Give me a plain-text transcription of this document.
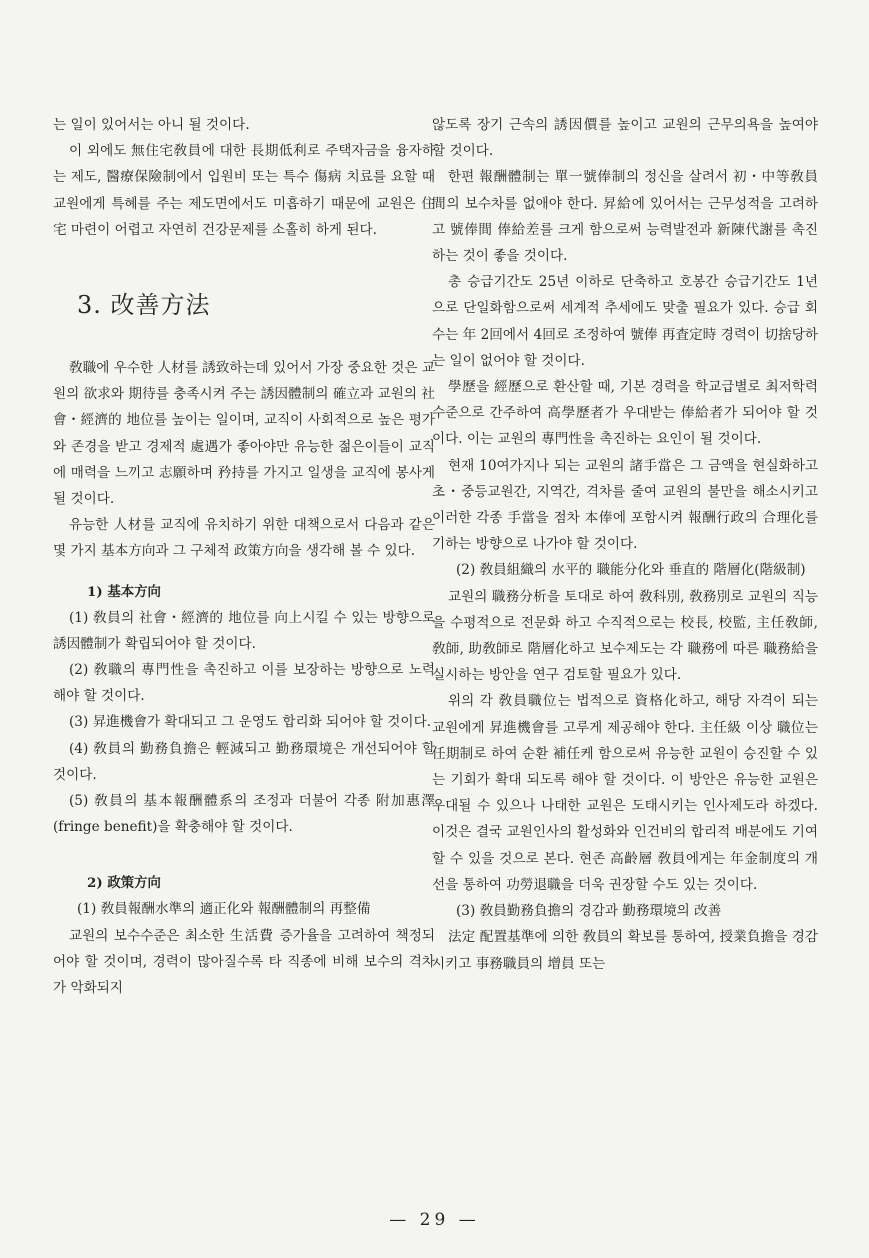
는 일이 있어서는 아니 될 것이다.

이 외에도 無住宅敎員에 대한 長期低利로 주택자금을 융자하는 제도, 醫療保險制에서 입원비 또는 특수 傷病 치료를 요할 때 교원에게 특혜를 주는 제도면에서도 미흡하기 때문에 교원은 住宅 마련이 어렵고 자연히 건강문제를 소홀히 하게 된다.

3. 改善方法

敎職에 우수한 人材를 誘致하는데 있어서 가장 중요한 것은 교원의 欲求와 期待를 충족시켜 주는 誘因體制의 確立과 교원의 社會・經濟的 地位를 높이는 일이며, 교직이 사회적으로 높은 평가와 존경을 받고 경제적 處遇가 좋아야만 유능한 젊은이들이 교직에 매력을 느끼고 志願하며 矜持를 가지고 일생을 교직에 봉사게 될 것이다.

유능한 人材를 교직에 유치하기 위한 대책으로서 다음과 같은 몇 가지 基本方向과 그 구체적 政策方向을 생각해 볼 수 있다.

1) 基本方向

(1) 敎員의 社會・經濟的 地位를 向上시킬 수 있는 방향으로 誘因體制가 확립되어야 할 것이다.

(2) 敎職의 專門性을 촉진하고 이를 보장하는 방향으로 노력해야 할 것이다.

(3) 昇進機會가 확대되고 그 운영도 합리화 되어야 할 것이다.

(4) 敎員의 勤務負擔은 輕減되고 勤務環境은 개선되어야 할 것이다.

(5) 敎員의 基本報酬體系의 조정과 더불어 각종 附加惠澤(fringe benefit)을 확충해야 할 것이다.

2) 政策方向

(1) 敎員報酬水準의 適正化와 報酬體制의 再整備

교원의 보수수준은 최소한 生活費 증가율을 고려하여 책정되어야 할 것이며, 경력이 많아질수록 타 직종에 비해 보수의 격차가 악화되지

않도록 장기 근속의 誘因價를 높이고 교원의 근무의욕을 높여야 할 것이다.

한편 報酬體制는 單一號俸制의 정신을 살려서 初・中等敎員間의 보수차를 없애야 한다. 昇給에 있어서는 근무성적을 고려하고 號俸間 俸給差를 크게 함으로써 능력발전과 新陳代謝를 촉진하는 것이 좋을 것이다.

총 승급기간도 25년 이하로 단축하고 호봉간 승급기간도 1년으로 단일화함으로써 세계적 추세에도 맞출 필요가 있다. 승급 회수는 年 2回에서 4回로 조정하여 號俸 再査定時 경력이 切捨당하는 일이 없어야 할 것이다.

學歷을 經歷으로 환산할 때, 기본 경력을 학교급별로 최저학력 수준으로 간주하여 高學歷者가 우대받는 俸給者가 되어야 할 것이다. 이는 교원의 專門性을 촉진하는 요인이 될 것이다.

현재 10여가지나 되는 교원의 諸手當은 그 금액을 현실화하고 초・중등교원간, 지역간, 격차를 줄여 교원의 불만을 해소시키고 이러한 각종 手當을 점차 本俸에 포함시켜 報酬行政의 合理化를 기하는 방향으로 나가야 할 것이다.

(2) 敎員組織의 水平的 職能分化와 垂直的 階層化(階級制)

교원의 職務分析을 토대로 하여 敎科別, 敎務別로 교원의 직능을 수평적으로 전문화 하고 수직적으로는 校長, 校監, 主任敎師, 敎師, 助敎師로 階層化하고 보수제도는 각 職務에 따른 職務給을 실시하는 방안을 연구 검토할 필요가 있다.

위의 각 敎員職位는 법적으로 資格化하고, 해당 자격이 되는 교원에게 昇進機會를 고루게 제공해야 한다. 主任級 이상 職位는 任期制로 하여 순환 補任케 함으로써 유능한 교원이 승진할 수 있는 기회가 확대 되도록 해야 할 것이다. 이 방안은 유능한 교원은 우대될 수 있으나 나태한 교원은 도태시키는 인사제도라 하겠다. 이것은 결국 교원인사의 활성화와 인건비의 합리적 배분에도 기여할 수 있을 것으로 본다. 현존 高齡層 敎員에게는 年金制度의 개선을 통하여 功勞退職을 더욱 권장할 수도 있는 것이다.

(3) 敎員勤務負擔의 경감과 勤務環境의 改善

法定 配置基準에 의한 敎員의 확보를 통하여, 授業負擔을 경감시키고 事務職員의 增員 또는

— 29 —
